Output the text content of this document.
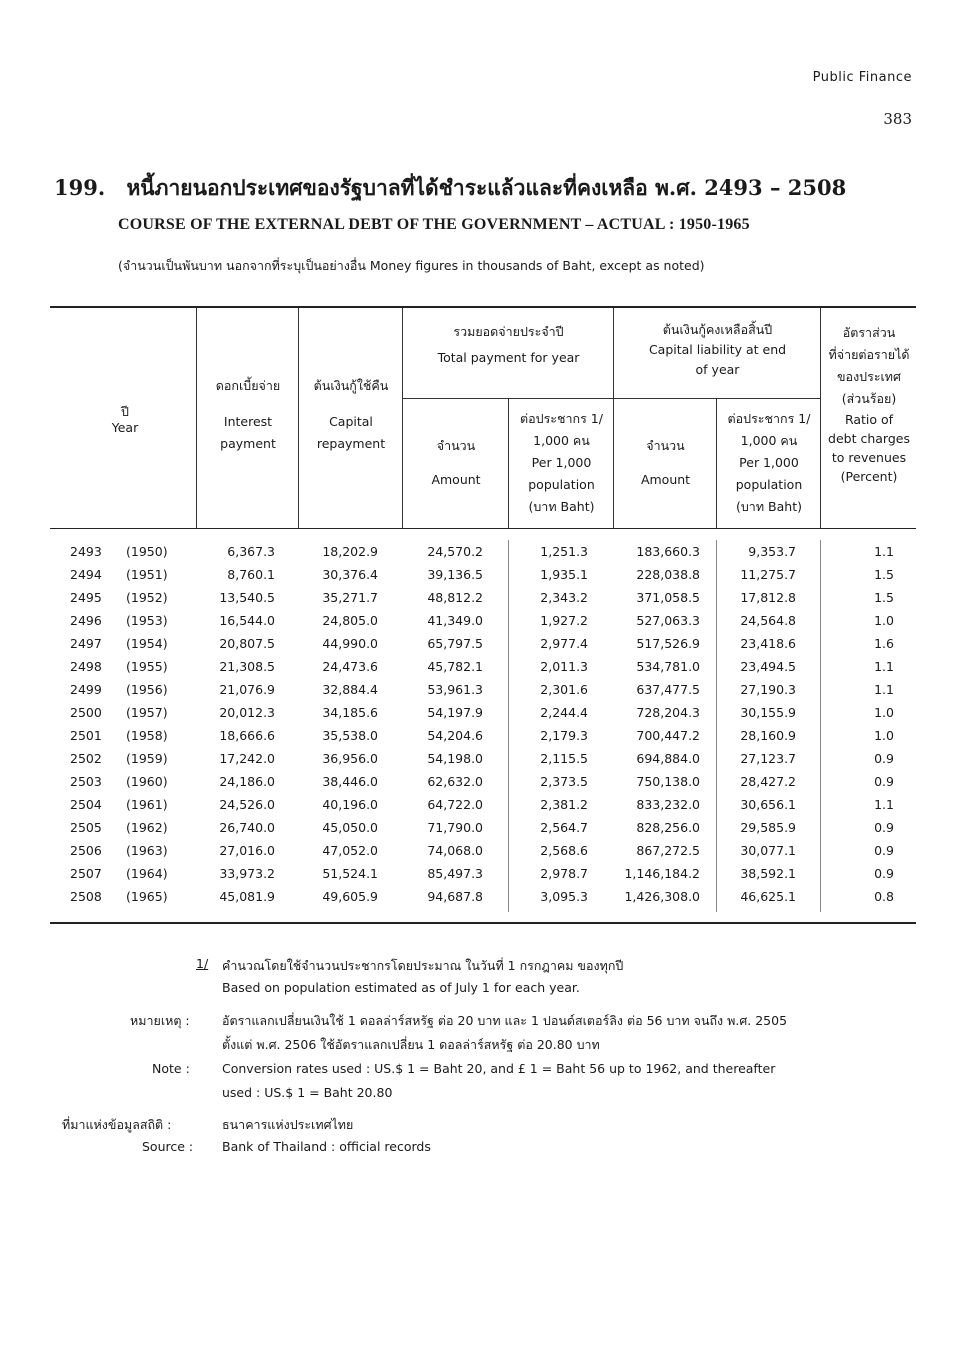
Public Finance
383
199. หนี้ภายนอกประเทศของรัฐบาลที่ได้ชำระแล้วและที่คงเหลือ พ.ศ. 2493 – 2508
COURSE OF THE EXTERNAL DEBT OF THE GOVERNMENT – ACTUAL : 1950-1965
(จำนวนเป็นพันบาท นอกจากที่ระบุเป็นอย่างอื่น Money figures in thousands of Baht, except as noted)
ปี
Year
ดอกเบี้ยจ่าย
Interest
payment
ต้นเงินกู้ใช้คืน
Capital
repayment
รวมยอดจ่ายประจำปี
Total payment for year
ต้นเงินกู้คงเหลือสิ้นปี
Capital liability at end
of year
อัตราส่วน
ที่จ่ายต่อรายได้
ของประเทศ
(ส่วนร้อย)
Ratio of
debt charges
to revenues
(Percent)
จำนวน
Amount
ต่อประชากร 1/
1,000 คน
Per 1,000
population
(บาท Baht)
จำนวน
Amount
ต่อประชากร 1/
1,000 คน
Per 1,000
population
(บาท Baht)
2493 (1950)	6,367.3	18,202.9	24,570.2	1,251.3	183,660.3	9,353.7	1.1
2494 (1951)	8,760.1	30,376.4	39,136.5	1,935.1	228,038.8	11,275.7	1.5
2495 (1952)	13,540.5	35,271.7	48,812.2	2,343.2	371,058.5	17,812.8	1.5
2496 (1953)	16,544.0	24,805.0	41,349.0	1,927.2	527,063.3	24,564.8	1.0
2497 (1954)	20,807.5	44,990.0	65,797.5	2,977.4	517,526.9	23,418.6	1.6
2498 (1955)	21,308.5	24,473.6	45,782.1	2,011.3	534,781.0	23,494.5	1.1
2499 (1956)	21,076.9	32,884.4	53,961.3	2,301.6	637,477.5	27,190.3	1.1
2500 (1957)	20,012.3	34,185.6	54,197.9	2,244.4	728,204.3	30,155.9	1.0
2501 (1958)	18,666.6	35,538.0	54,204.6	2,179.3	700,447.2	28,160.9	1.0
2502 (1959)	17,242.0	36,956.0	54,198.0	2,115.5	694,884.0	27,123.7	0.9
2503 (1960)	24,186.0	38,446.0	62,632.0	2,373.5	750,138.0	28,427.2	0.9
2504 (1961)	24,526.0	40,196.0	64,722.0	2,381.2	833,232.0	30,656.1	1.1
2505 (1962)	26,740.0	45,050.0	71,790.0	2,564.7	828,256.0	29,585.9	0.9
2506 (1963)	27,016.0	47,052.0	74,068.0	2,568.6	867,272.5	30,077.1	0.9
2507 (1964)	33,973.2	51,524.1	85,497.3	2,978.7	1,146,184.2	38,592.1	0.9
2508 (1965)	45,081.9	49,605.9	94,687.8	3,095.3	1,426,308.0	46,625.1	0.8
1/ คำนวณโดยใช้จำนวนประชากรโดยประมาณ ในวันที่ 1 กรกฎาคม ของทุกปี
Based on population estimated as of July 1 for each year.
หมายเหตุ :	อัตราแลกเปลี่ยนเงินใช้ 1 ดอลล่าร์สหรัฐ ต่อ 20 บาท และ 1 ปอนด์สเตอร์ลิง ต่อ 56 บาท จนถึง พ.ศ. 2505
ตั้งแต่ พ.ศ. 2506 ใช้อัตราแลกเปลี่ยน 1 ดอลล่าร์สหรัฐ ต่อ 20.80 บาท
Note :	Conversion rates used : US.$ 1 = Baht 20, and £ 1 = Baht 56 up to 1962, and thereafter
used : US.$ 1 = Baht 20.80
ที่มาแห่งข้อมูลสถิติ :	ธนาคารแห่งประเทศไทย
Source : Bank of Thailand : official records
